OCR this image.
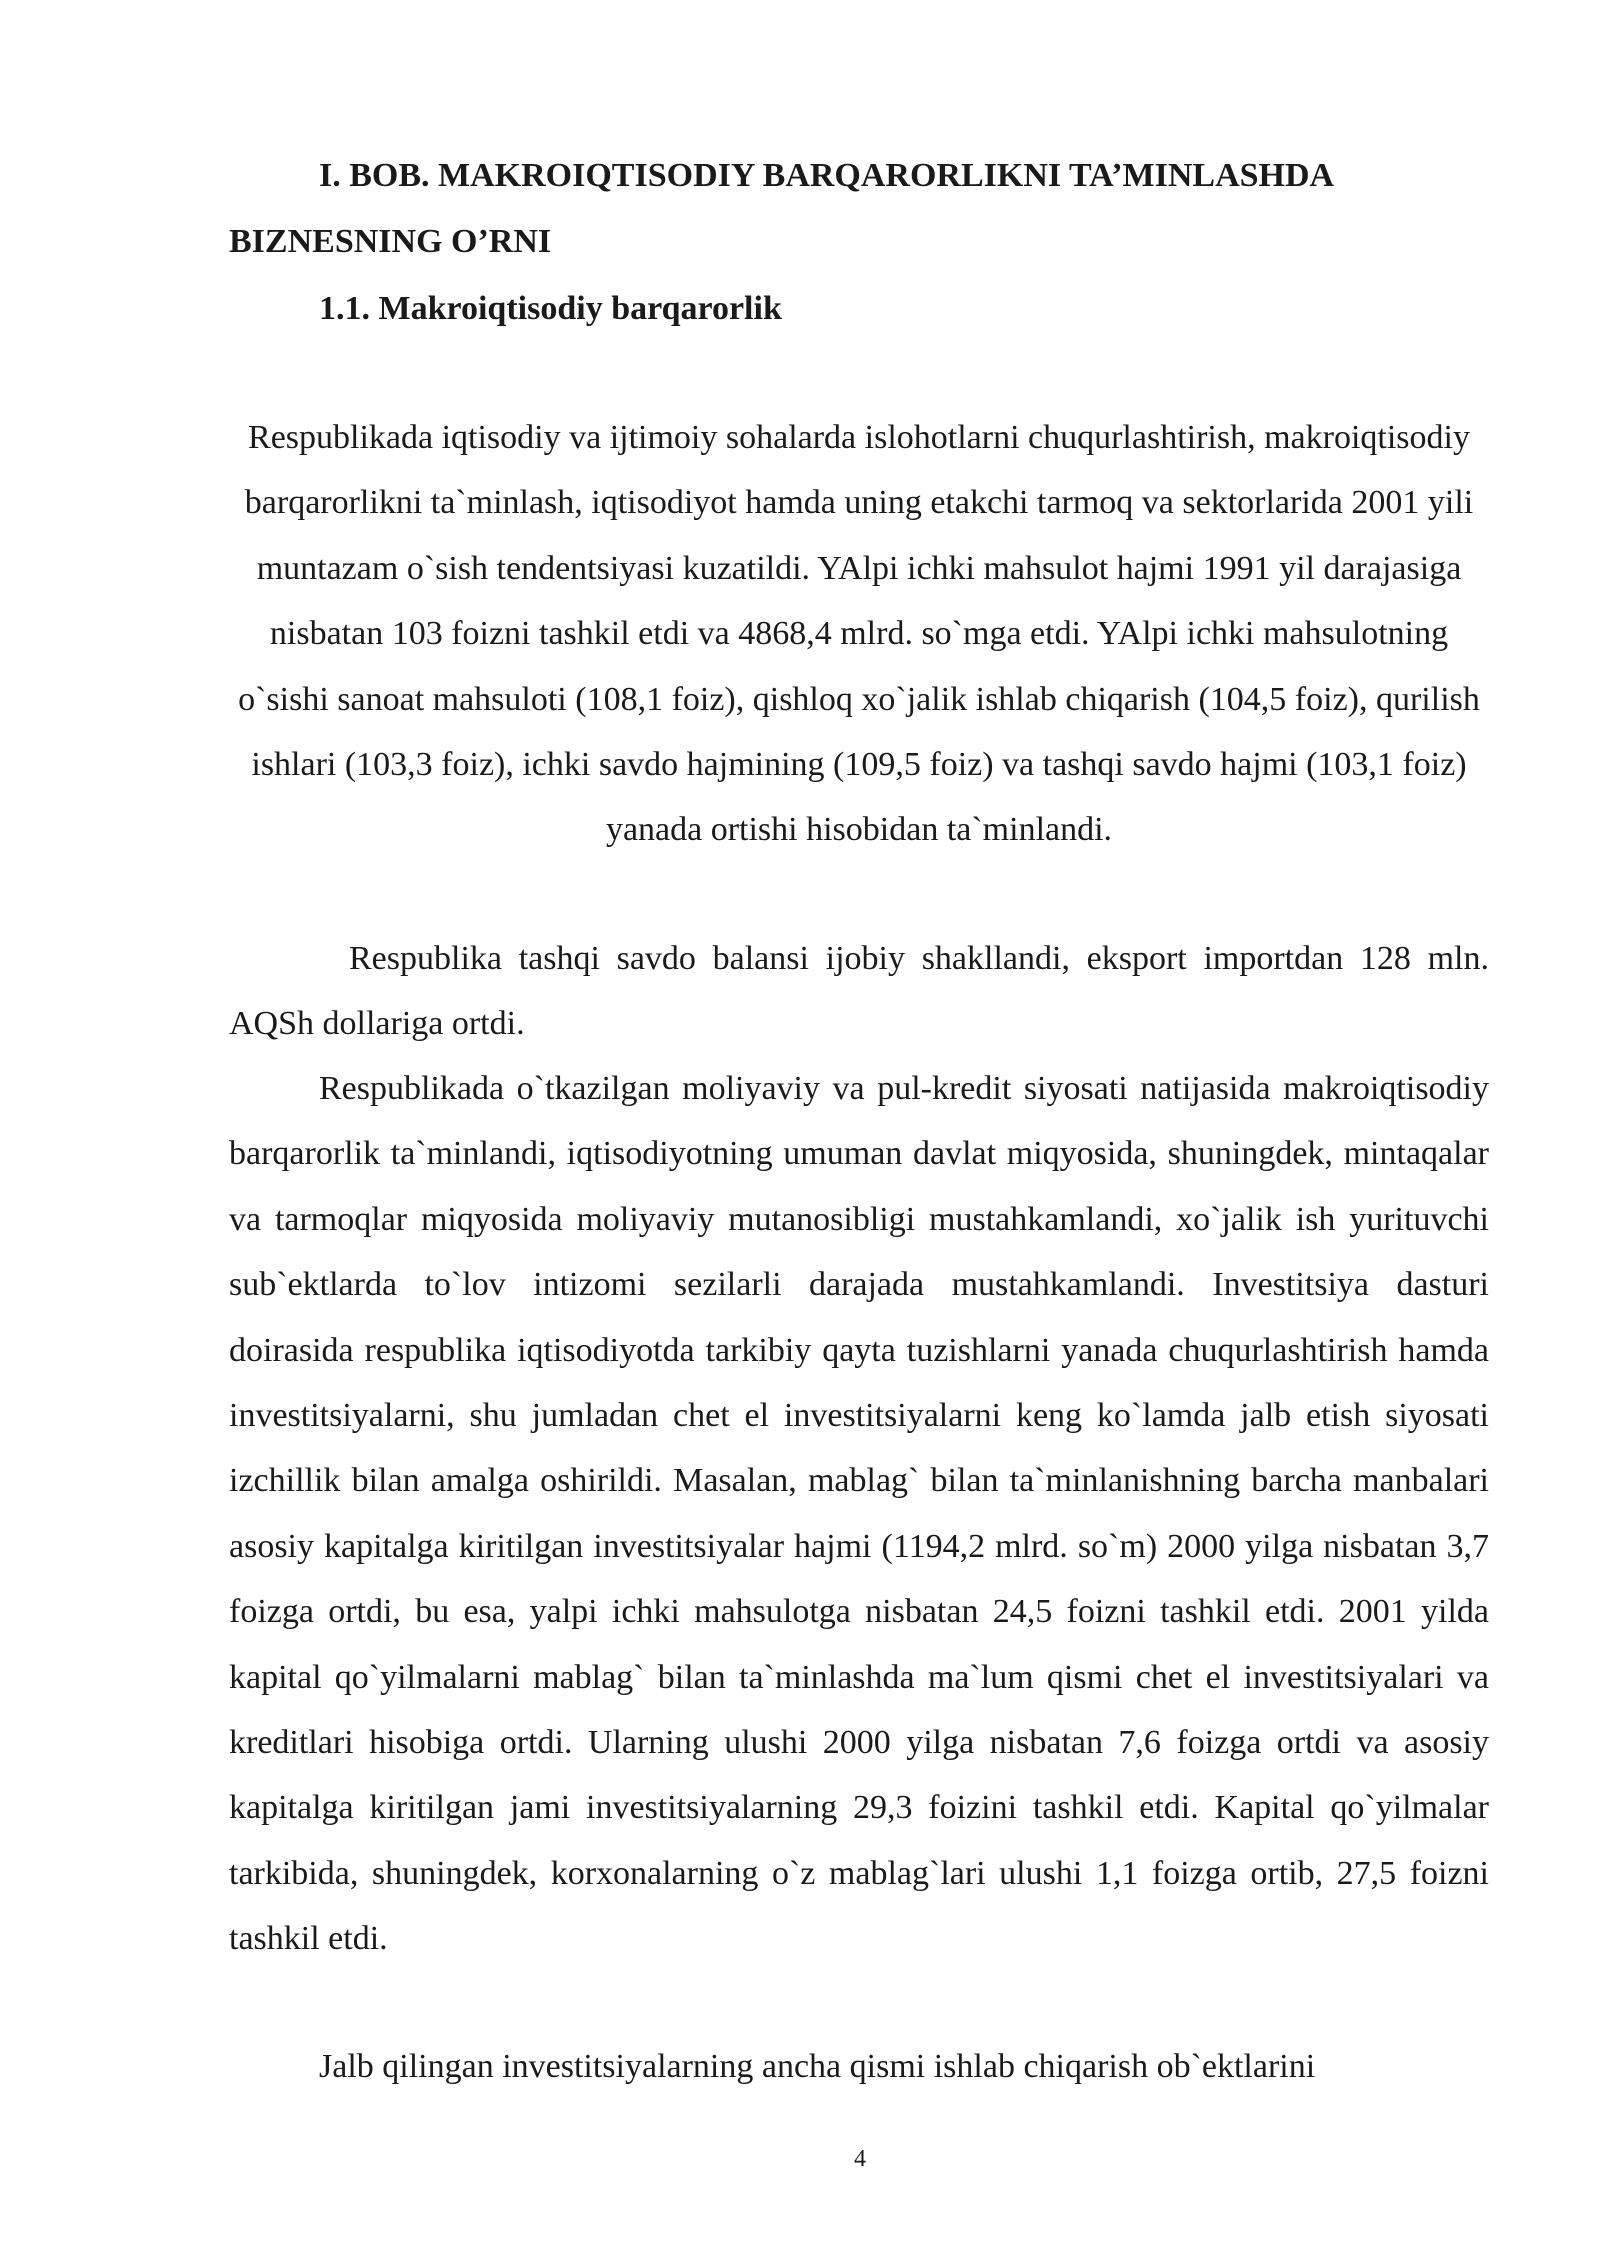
I. BOB. MAKROIQTISODIY BARQARORLIKNI TA’MINLASHDA
BIZNESNING O’RNI
1.1. Makroiqtisodiy barqarorlik

Respublikada iqtisodiy va ijtimoiy sohalarda islohotlarni chuqurlashtirish, makroiqtisodiy barqarorlikni ta`minlash, iqtisodiyot hamda uning etakchi tarmoq va sektorlarida 2001 yili muntazam o`sish tendentsiyasi kuzatildi. YAlpi ichki mahsulot hajmi 1991 yil darajasiga nisbatan 103 foizni tashkil etdi va 4868,4 mlrd. so`mga etdi. YAlpi ichki mahsulotning o`sishi sanoat mahsuloti (108,1 foiz), qishloq xo`jalik ishlab chiqarish (104,5 foiz), qurilish ishlari (103,3 foiz), ichki savdo hajmining (109,5 foiz) va tashqi savdo hajmi (103,1 foiz) yanada ortishi hisobidan ta`minlandi.

Respublika tashqi savdo balansi ijobiy shakllandi, eksport importdan 128 mln. AQSh dollariga ortdi.

Respublikada o`tkazilgan moliyaviy va pul-kredit siyosati natijasida makroiqtisodiy barqarorlik ta`minlandi, iqtisodiyotning umuman davlat miqyosida, shuningdek, mintaqalar va tarmoqlar miqyosida moliyaviy mutanosibligi mustahkamlandi, xo`jalik ish yurituvchi sub`ektlarda to`lov intizomi sezilarli darajada mustahkamlandi. Investitsiya dasturi doirasida respublika iqtisodiyotda tarkibiy qayta tuzishlarni yanada chuqurlashtirish hamda investitsiyalarni, shu jumladan chet el investitsiyalarni keng ko`lamda jalb etish siyosati izchillik bilan amalga oshirildi. Masalan, mablag` bilan ta`minlanishning barcha manbalari asosiy kapitalga kiritilgan investitsiyalar hajmi (1194,2 mlrd. so`m) 2000 yilga nisbatan 3,7 foizga ortdi, bu esa, yalpi ichki mahsulotga nisbatan 24,5 foizni tashkil etdi. 2001 yilda kapital qo`yilmalarni mablag` bilan ta`minlashda ma`lum qismi chet el investitsiyalari va kreditlari hisobiga ortdi. Ularning ulushi 2000 yilga nisbatan 7,6 foizga ortdi va asosiy kapitalga kiritilgan jami investitsiyalarning 29,3 foizini tashkil etdi. Kapital qo`yilmalar tarkibida, shuningdek, korxonalarning o`z mablag`lari ulushi 1,1 foizga ortib, 27,5 foizni tashkil etdi.

Jalb qilingan investitsiyalarning ancha qismi ishlab chiqarish ob`ektlarini

4
